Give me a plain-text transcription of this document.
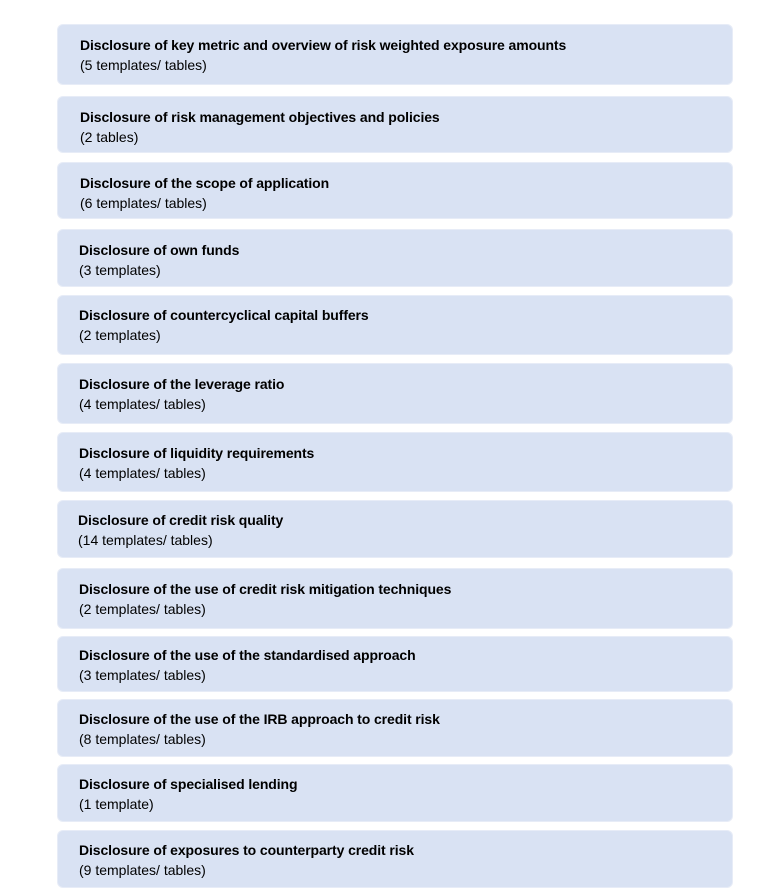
Disclosure of key metric and overview of risk weighted exposure amounts
(5 templates/ tables)
Disclosure of risk management objectives and policies
(2 tables)
Disclosure of the scope of application
(6 templates/ tables)
Disclosure of own funds
(3 templates)
Disclosure of countercyclical capital buffers
(2 templates)
Disclosure of the leverage ratio
(4 templates/ tables)
Disclosure of liquidity requirements
(4 templates/ tables)
Disclosure of credit risk quality
(14 templates/ tables)
Disclosure of the use of credit risk mitigation techniques
(2 templates/ tables)
Disclosure of the use of the standardised approach
(3 templates/ tables)
Disclosure of the use of the IRB approach to credit risk
(8 templates/ tables)
Disclosure of specialised lending
(1 template)
Disclosure of exposures to counterparty credit risk
(9 templates/ tables)
